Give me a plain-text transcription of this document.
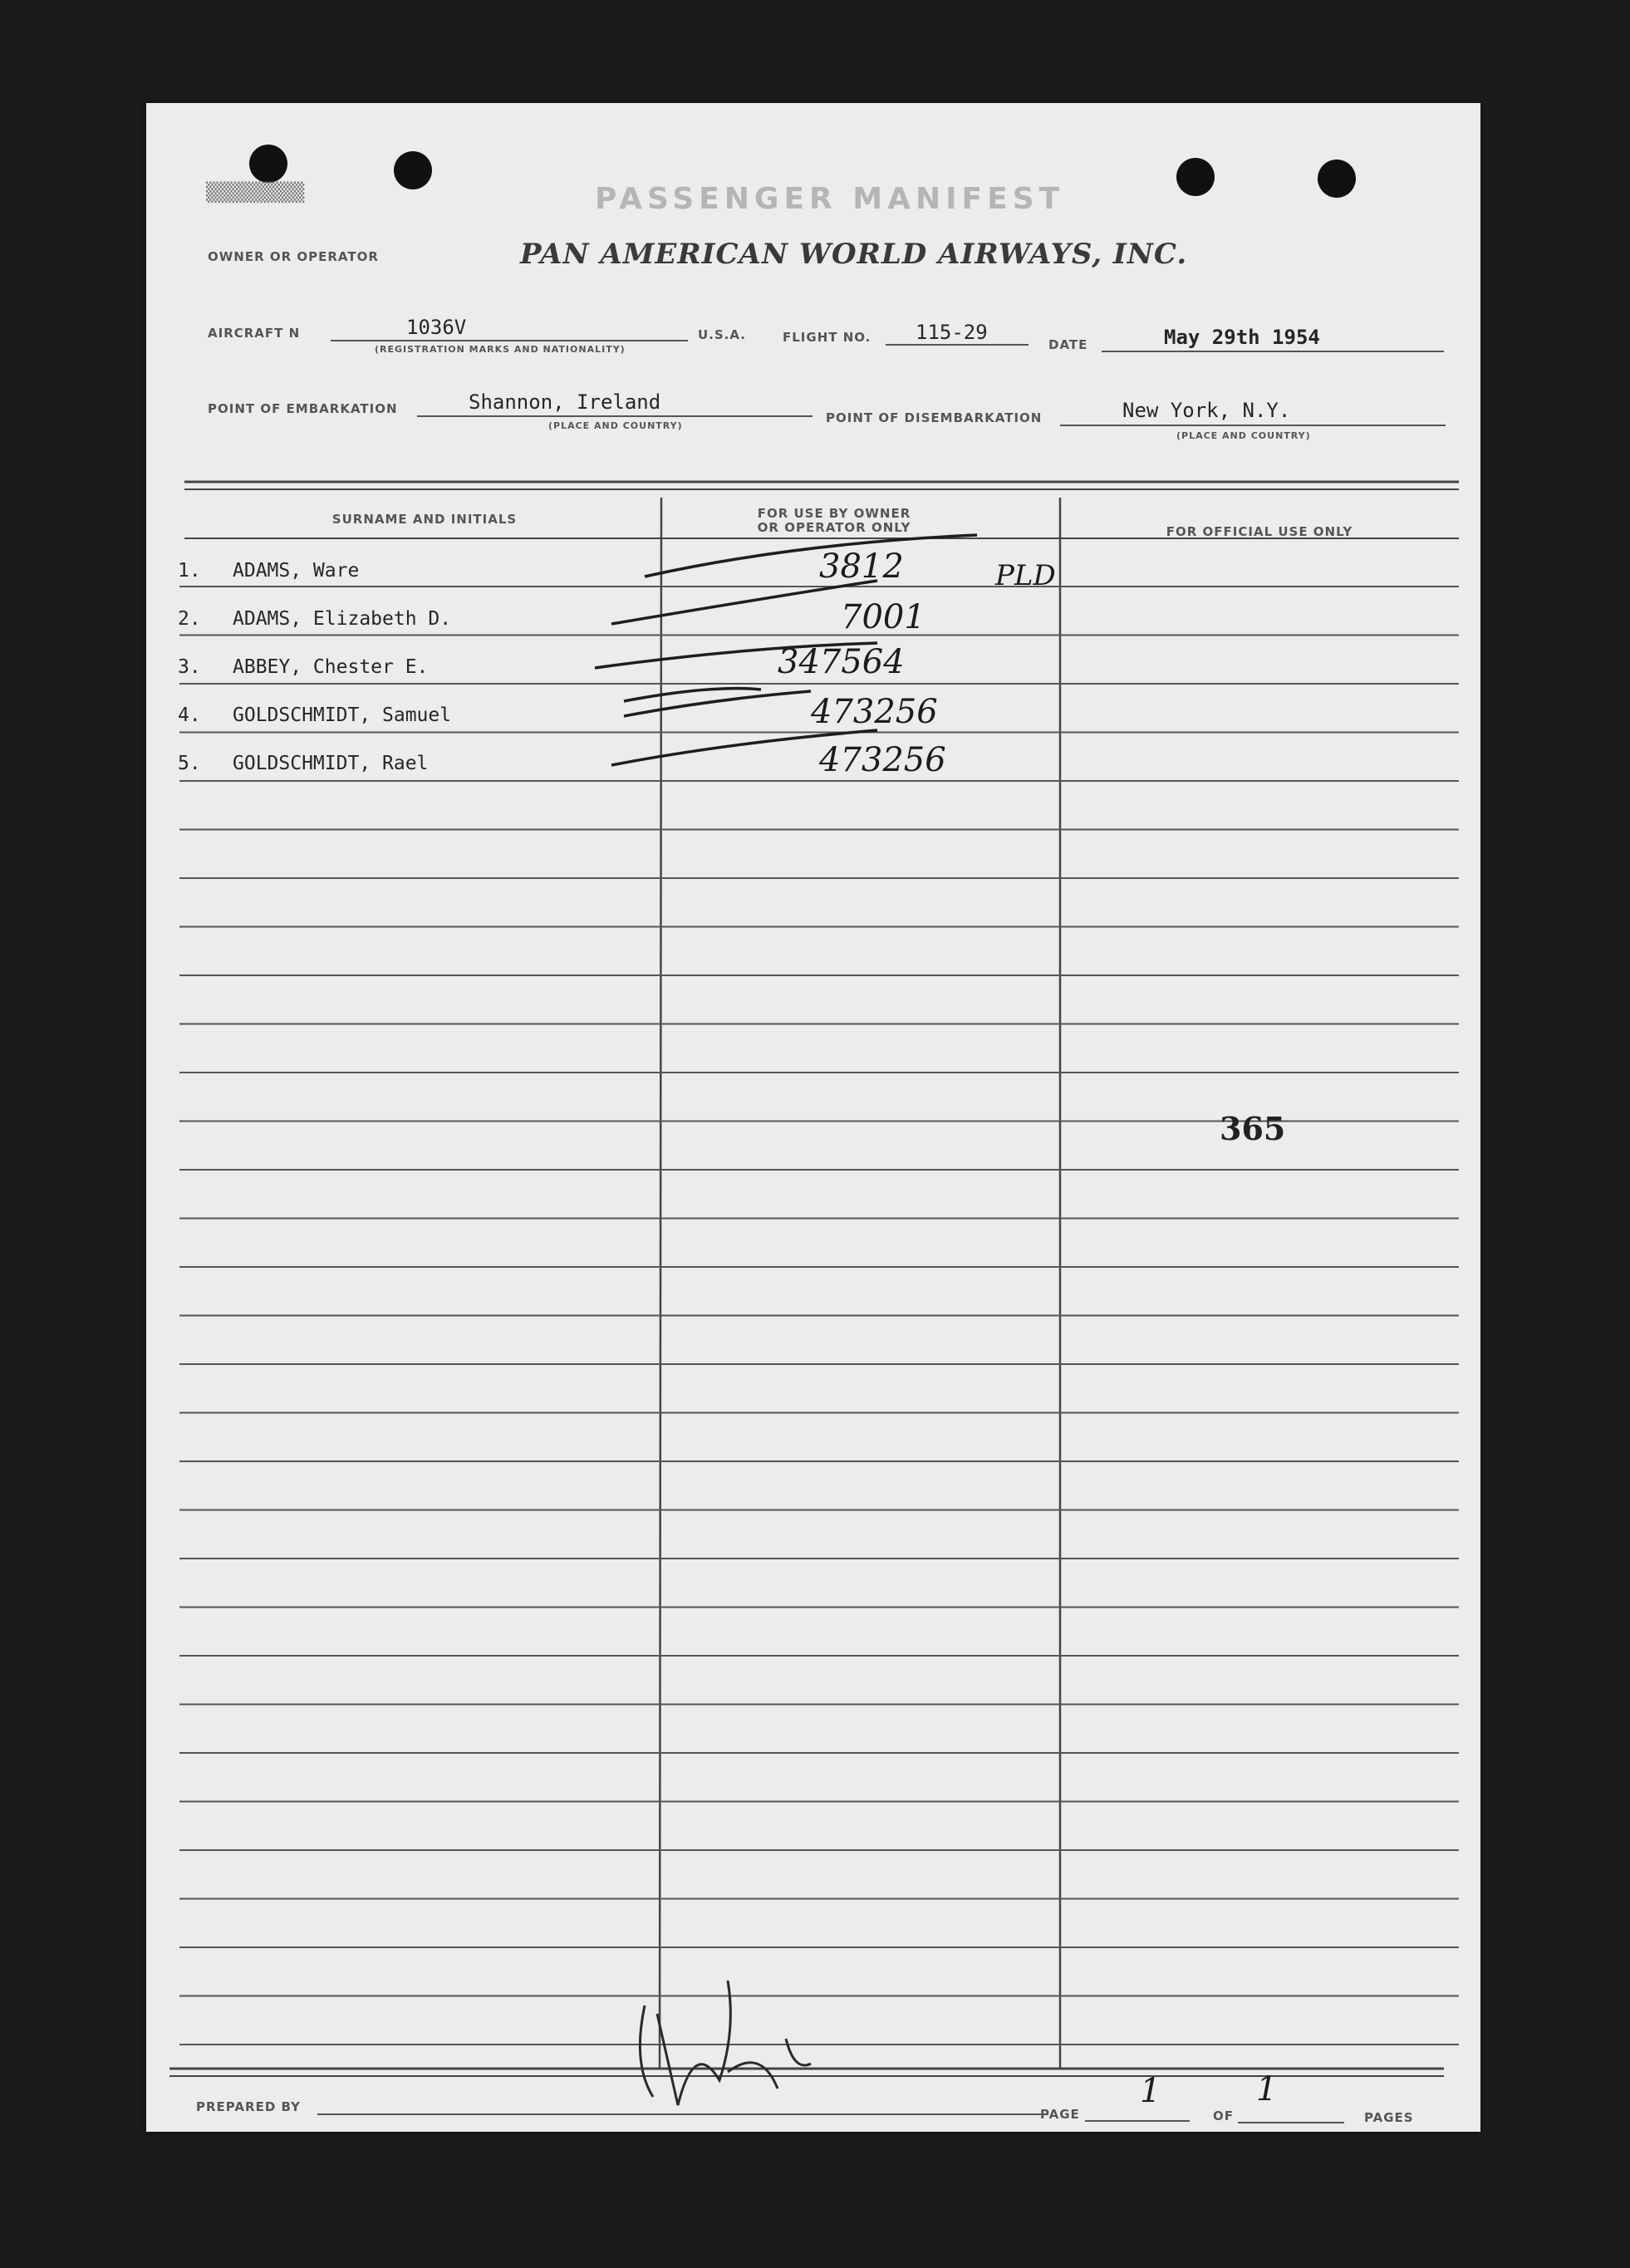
▒▒▒▒▒▒▒	PASSENGER MANIFEST
OWNER OR OPERATOR	PAN AMERICAN WORLD AIRWAYS, INC.
AIRCRAFT N	1036V
(REGISTRATION MARKS AND NATIONALITY)
U.S.A.	FLIGHT NO. 115-29
DATE	May 29th 1954
POINT OF EMBARKATION	Shannon, Ireland
(PLACE AND COUNTRY)
POINT OF DISEMBARKATION	New York, N.Y.
(PLACE AND COUNTRY)
SURNAME AND INITIALS	FOR USE BY OWNER OR OPERATOR ONLY	FOR OFFICIAL USE ONLY
1.	ADAMS, Ware	3812	PLD
2.	ADAMS, Elizabeth D.	7001
3.	ABBEY, Chester E.	347564
4.	GOLDSCHMIDT, Samuel	473256
5.	GOLDSCHMIDT, Rael	473256
365
PREPARED BY	PAGE
1
OF
1
PAGES
